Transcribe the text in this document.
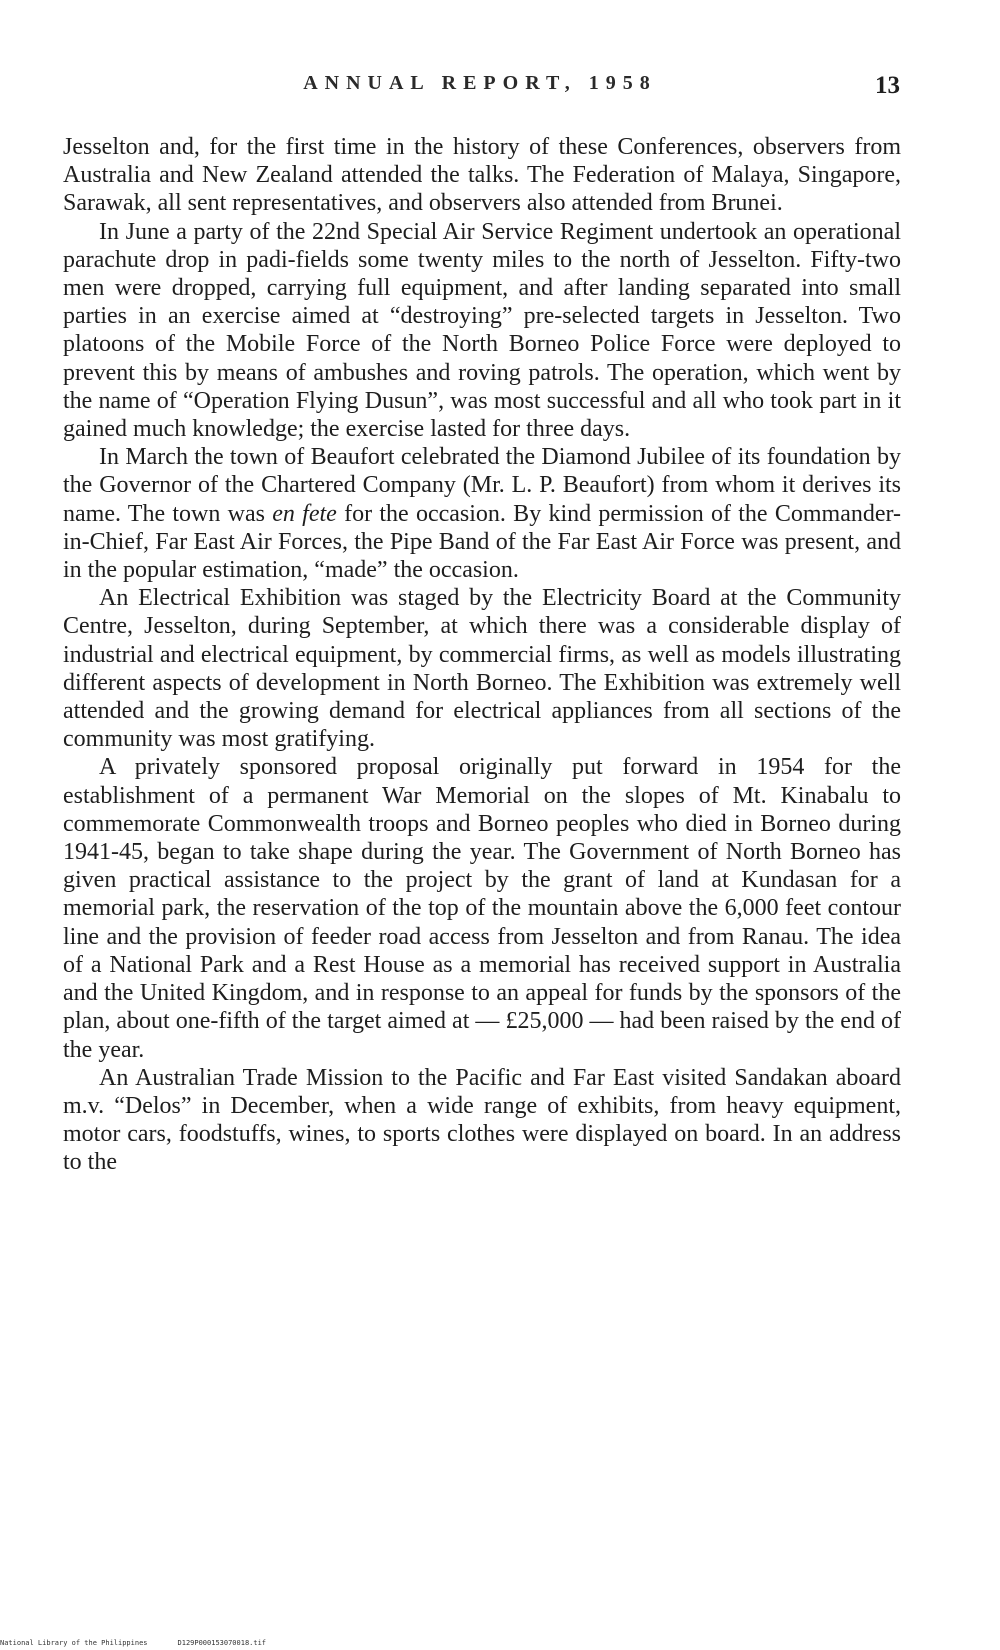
ANNUAL REPORT, 1958	13

Jesselton and, for the first time in the history of these Conferences, observers from Australia and New Zealand attended the talks. The Federation of Malaya, Singapore, Sarawak, all sent representatives, and observers also attended from Brunei.

In June a party of the 22nd Special Air Service Regiment undertook an operational parachute drop in padi-fields some twenty miles to the north of Jesselton. Fifty-two men were dropped, carrying full equipment, and after landing separated into small parties in an exercise aimed at “destroying” pre-selected targets in Jesselton. Two platoons of the Mobile Force of the North Borneo Police Force were deployed to prevent this by means of ambushes and roving patrols. The operation, which went by the name of “Operation Flying Dusun”, was most successful and all who took part in it gained much knowledge; the exercise lasted for three days.

In March the town of Beaufort celebrated the Diamond Jubilee of its foundation by the Governor of the Chartered Company (Mr. L. P. Beaufort) from whom it derives its name. The town was en fete for the occasion. By kind permission of the Commander-in-Chief, Far East Air Forces, the Pipe Band of the Far East Air Force was present, and in the popular estimation, “made” the occasion.

An Electrical Exhibition was staged by the Electricity Board at the Community Centre, Jesselton, during September, at which there was a considerable display of industrial and electrical equipment, by commercial firms, as well as models illustrating different aspects of development in North Borneo. The Exhibition was extremely well attended and the growing demand for electrical appliances from all sections of the community was most gratifying.

A privately sponsored proposal originally put forward in 1954 for the establishment of a permanent War Memorial on the slopes of Mt. Kinabalu to commemorate Commonwealth troops and Borneo peoples who died in Borneo during 1941-45, began to take shape during the year. The Government of North Borneo has given practical assistance to the project by the grant of land at Kundasan for a memorial park, the reservation of the top of the mountain above the 6,000 feet contour line and the provision of feeder road access from Jesselton and from Ranau. The idea of a National Park and a Rest House as a memorial has received support in Australia and the United Kingdom, and in response to an appeal for funds by the sponsors of the plan, about one-fifth of the target aimed at — £25,000 — had been raised by the end of the year.

An Australian Trade Mission to the Pacific and Far East visited Sandakan aboard m.v. “Delos” in December, when a wide range of exhibits, from heavy equipment, motor cars, foodstuffs, wines, to sports clothes were displayed on board. In an address to the

National Library of the Philippines	D129P000153070018.tif
